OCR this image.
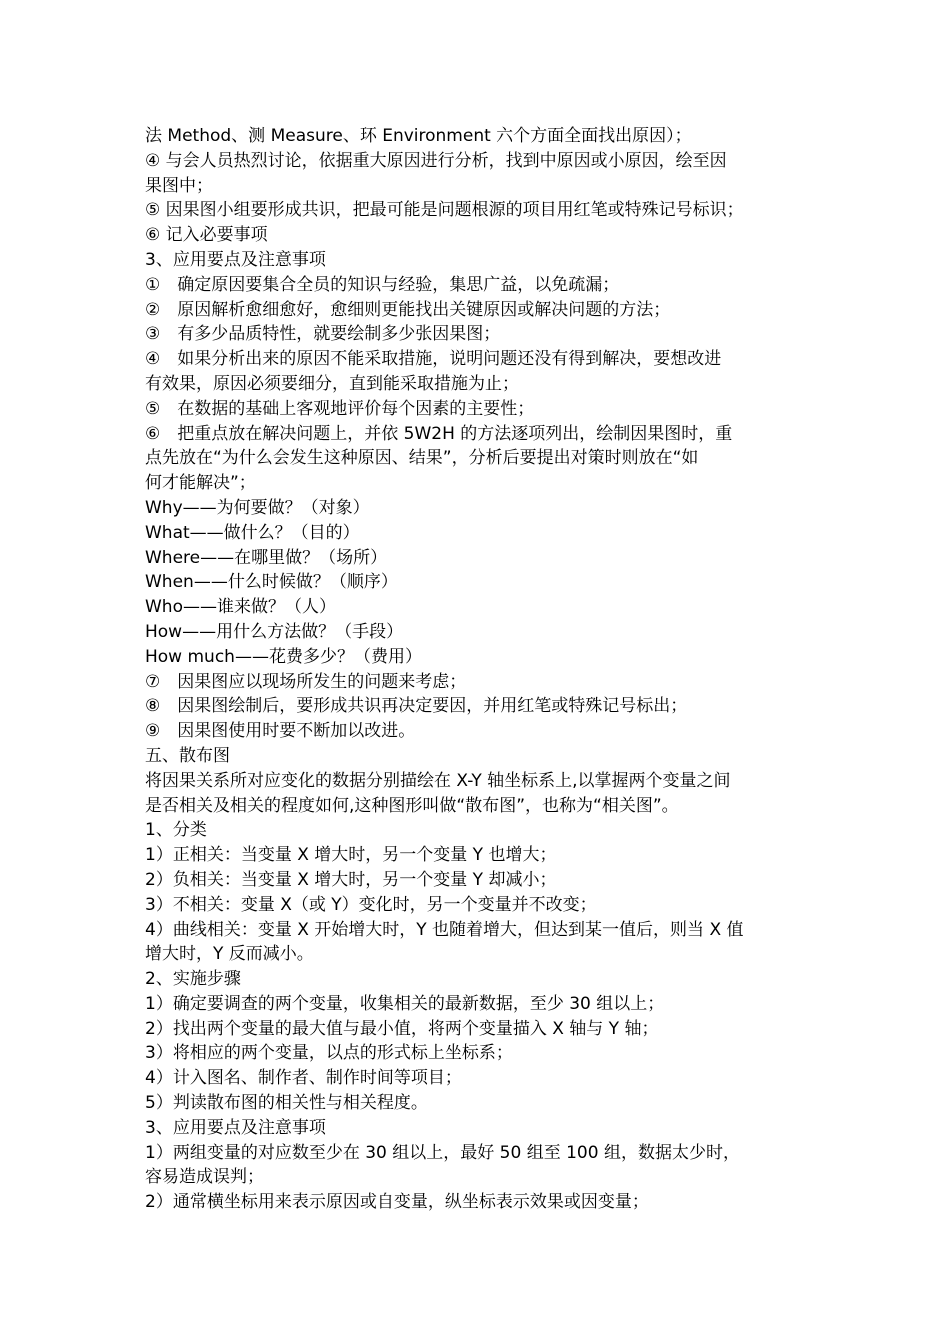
法 Method、测 Measure、环 Environment 六个方面全面找出原因）；
④ 与会人员热烈讨论，依据重大原因进行分析，找到中原因或小原因，绘至因
果图中；
⑤ 因果图小组要形成共识，把最可能是问题根源的项目用红笔或特殊记号标识；
⑥ 记入必要事项
3、应用要点及注意事项
①　确定原因要集合全员的知识与经验，集思广益，以免疏漏；
②　原因解析愈细愈好，愈细则更能找出关键原因或解决问题的方法；
③　有多少品质特性，就要绘制多少张因果图；
④　如果分析出来的原因不能采取措施，说明问题还没有得到解决，要想改进
有效果，原因必须要细分，直到能采取措施为止；
⑤　在数据的基础上客观地评价每个因素的主要性；
⑥　把重点放在解决问题上，并依 5W2H 的方法逐项列出，绘制因果图时，重
点先放在“为什么会发生这种原因、结果”，分析后要提出对策时则放在“如
何才能解决”；
Why——为何要做？（对象）
What——做什么？（目的）
Where——在哪里做？（场所）
When——什么时候做？（顺序）
Who——谁来做？（人）
How——用什么方法做？（手段）
How much——花费多少？（费用）
⑦　因果图应以现场所发生的问题来考虑；
⑧　因果图绘制后，要形成共识再决定要因，并用红笔或特殊记号标出；
⑨　因果图使用时要不断加以改进。
五、散布图
将因果关系所对应变化的数据分别描绘在 X-Y 轴坐标系上,以掌握两个变量之间
是否相关及相关的程度如何,这种图形叫做“散布图”，也称为“相关图”。
1、分类
1）正相关：当变量 X 增大时，另一个变量 Y 也增大；
2）负相关：当变量 X 增大时，另一个变量 Y 却减小；
3）不相关：变量 X（或 Y）变化时，另一个变量并不改变；
4）曲线相关：变量 X 开始增大时，Y 也随着增大，但达到某一值后，则当 X 值
增大时，Y 反而减小。
2、实施步骤
1）确定要调查的两个变量，收集相关的最新数据，至少 30 组以上；
2）找出两个变量的最大值与最小值，将两个变量描入 X 轴与 Y 轴；
3）将相应的两个变量，以点的形式标上坐标系；
4）计入图名、制作者、制作时间等项目；
5）判读散布图的相关性与相关程度。
3、应用要点及注意事项
1）两组变量的对应数至少在 30 组以上，最好 50 组至 100 组，数据太少时，
容易造成误判；
2）通常横坐标用来表示原因或自变量，纵坐标表示效果或因变量；
